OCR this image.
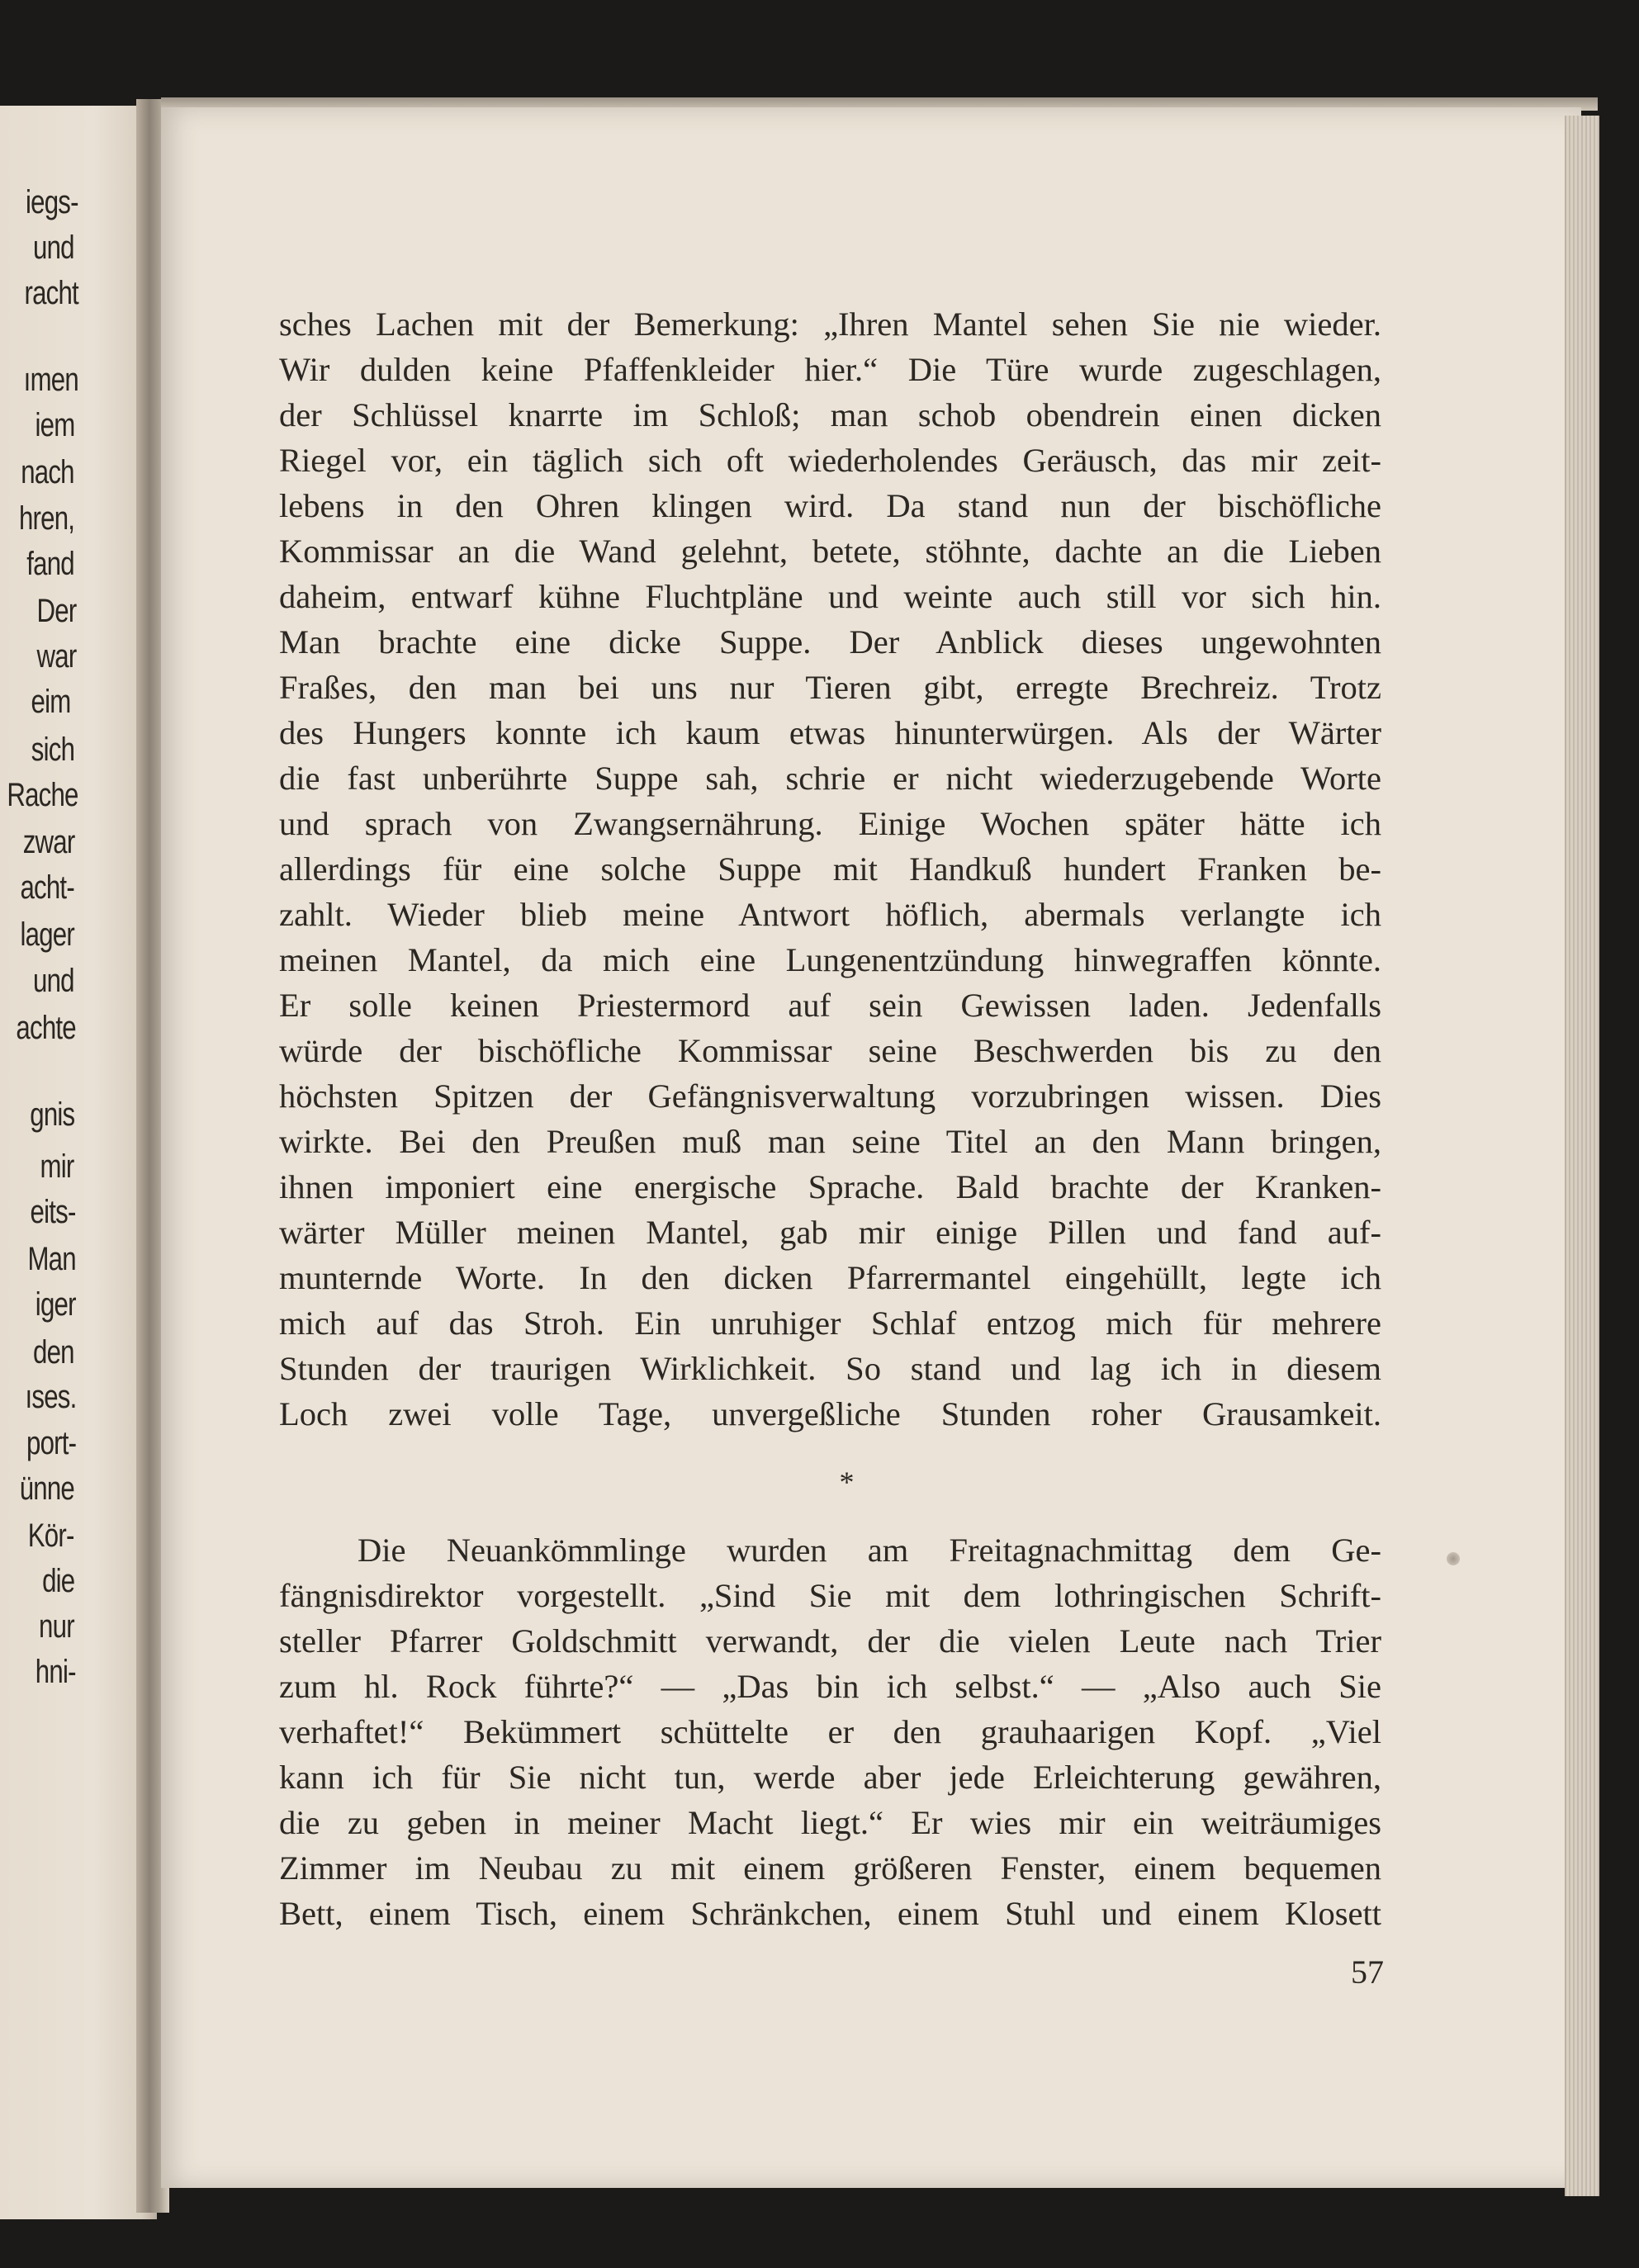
iegs-
und
racht
ımen
iem
nach
hren,
fand
Der
war
eim
sich
Rache
zwar
acht-
lager
und
achte
gnis
mir
eits-
Man
iger
den
ıses.
port-
ünne
Kör-
die
nur
hni-
sches Lachen mit der Bemerkung: „Ihren Mantel sehen Sie nie wieder.
Wir dulden keine Pfaffenkleider hier.“ Die Türe wurde zugeschlagen,
der Schlüssel knarrte im Schloß; man schob obendrein einen dicken
Riegel vor, ein täglich sich oft wiederholendes Geräusch, das mir zeit-
lebens in den Ohren klingen wird. Da stand nun der bischöfliche
Kommissar an die Wand gelehnt, betete, stöhnte, dachte an die Lieben
daheim, entwarf kühne Fluchtpläne und weinte auch still vor sich hin.
Man brachte eine dicke Suppe. Der Anblick dieses ungewohnten
Fraßes, den man bei uns nur Tieren gibt, erregte Brechreiz. Trotz
des Hungers konnte ich kaum etwas hinunterwürgen. Als der Wärter
die fast unberührte Suppe sah, schrie er nicht wiederzugebende Worte
und sprach von Zwangsernährung. Einige Wochen später hätte ich
allerdings für eine solche Suppe mit Handkuß hundert Franken be-
zahlt. Wieder blieb meine Antwort höflich, abermals verlangte ich
meinen Mantel, da mich eine Lungenentzündung hinwegraffen könnte.
Er solle keinen Priestermord auf sein Gewissen laden. Jedenfalls
würde der bischöfliche Kommissar seine Beschwerden bis zu den
höchsten Spitzen der Gefängnisverwaltung vorzubringen wissen. Dies
wirkte. Bei den Preußen muß man seine Titel an den Mann bringen,
ihnen imponiert eine energische Sprache. Bald brachte der Kranken-
wärter Müller meinen Mantel, gab mir einige Pillen und fand auf-
munternde Worte. In den dicken Pfarrermantel eingehüllt, legte ich
mich auf das Stroh. Ein unruhiger Schlaf entzog mich für mehrere
Stunden der traurigen Wirklichkeit. So stand und lag ich in diesem
Loch zwei volle Tage, unvergeßliche Stunden roher Grausamkeit.
*
Die Neuankömmlinge wurden am Freitagnachmittag dem Ge-
fängnisdirektor vorgestellt. „Sind Sie mit dem lothringischen Schrift-
steller Pfarrer Goldschmitt verwandt, der die vielen Leute nach Trier
zum hl. Rock führte?“ — „Das bin ich selbst.“ — „Also auch Sie
verhaftet!“ Bekümmert schüttelte er den grauhaarigen Kopf. „Viel
kann ich für Sie nicht tun, werde aber jede Erleichterung gewähren,
die zu geben in meiner Macht liegt.“ Er wies mir ein weiträumiges
Zimmer im Neubau zu mit einem größeren Fenster, einem bequemen
Bett, einem Tisch, einem Schränkchen, einem Stuhl und einem Klosett
57
